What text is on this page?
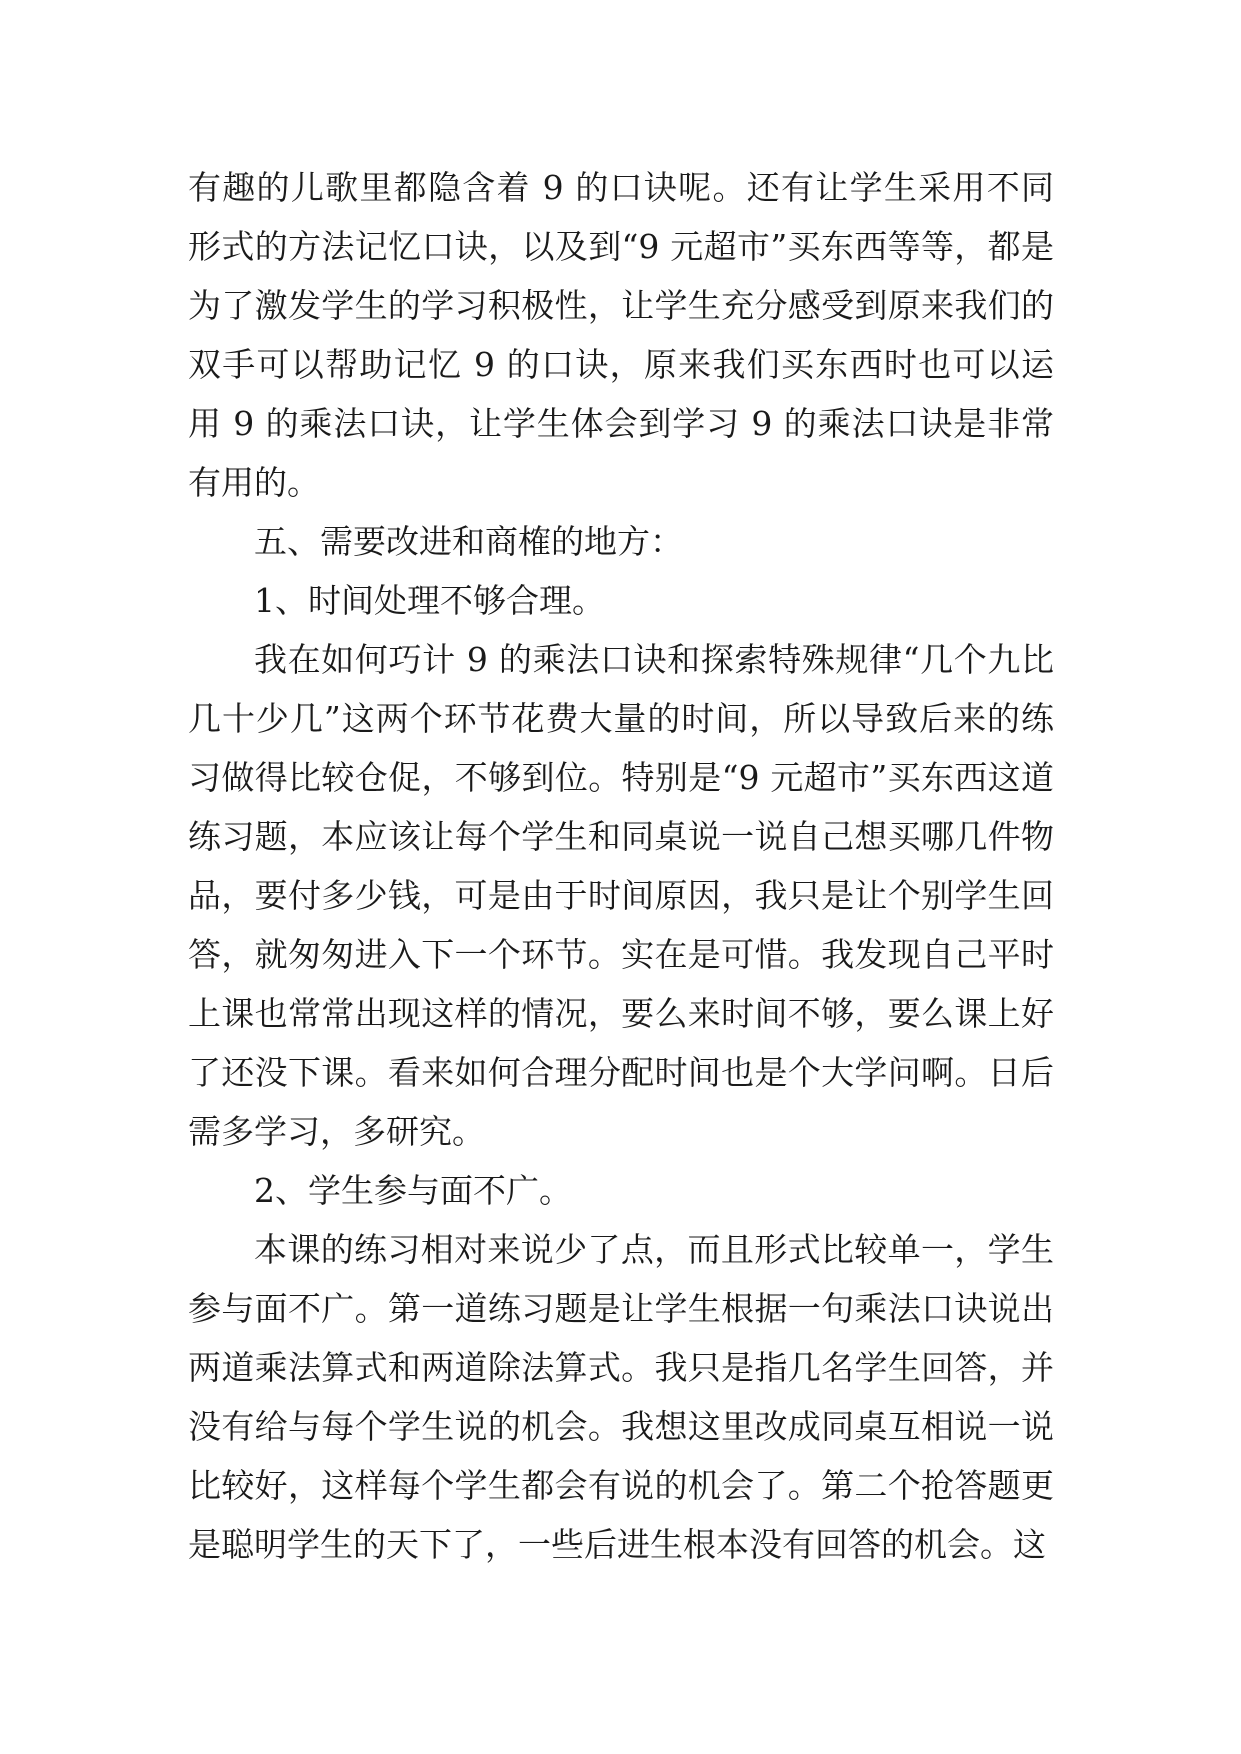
有趣的儿歌里都隐含着 9 的口诀呢。还有让学生采用不同形式的方法记忆口诀，以及到“9 元超市”买东西等等，都是为了激发学生的学习积极性，让学生充分感受到原来我们的双手可以帮助记忆 9 的口诀，原来我们买东西时也可以运用 9 的乘法口诀，让学生体会到学习 9 的乘法口诀是非常有用的。

五、需要改进和商榷的地方：

1、时间处理不够合理。

我在如何巧计 9 的乘法口诀和探索特殊规律“几个九比几十少几”这两个环节花费大量的时间，所以导致后来的练习做得比较仓促，不够到位。特别是“9 元超市”买东西这道练习题，本应该让每个学生和同桌说一说自己想买哪几件物品，要付多少钱，可是由于时间原因，我只是让个别学生回答，就匆匆进入下一个环节。实在是可惜。我发现自己平时上课也常常出现这样的情况，要么来时间不够，要么课上好了还没下课。看来如何合理分配时间也是个大学问啊。日后需多学习，多研究。

2、学生参与面不广。

本课的练习相对来说少了点，而且形式比较单一，学生参与面不广。第一道练习题是让学生根据一句乘法口诀说出两道乘法算式和两道除法算式。我只是指几名学生回答，并没有给与每个学生说的机会。我想这里改成同桌互相说一说比较好，这样每个学生都会有说的机会了。第二个抢答题更是聪明学生的天下了，一些后进生根本没有回答的机会。这
